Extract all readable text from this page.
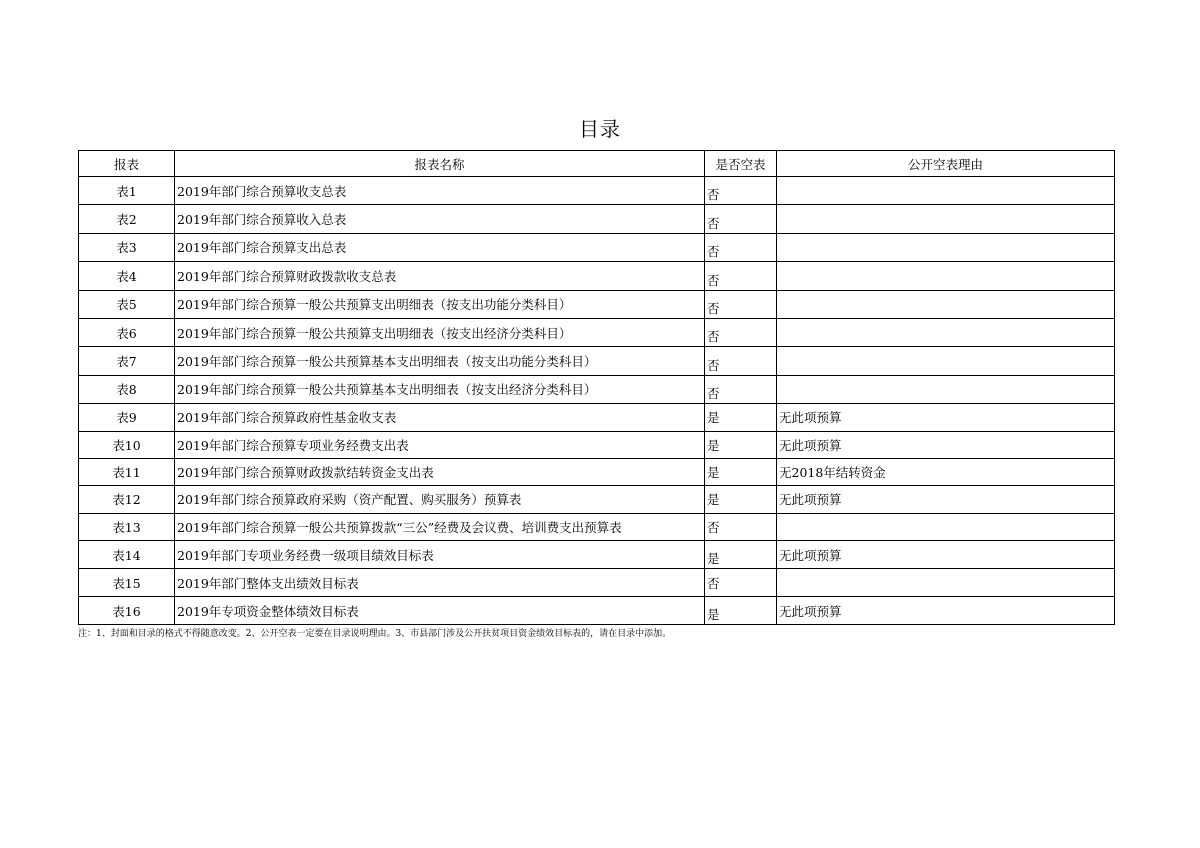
目录
报表	报表名称	是否空表	公开空表理由
表1	2019年部门综合预算收支总表	否	
表2	2019年部门综合预算收入总表	否	
表3	2019年部门综合预算支出总表	否	
表4	2019年部门综合预算财政拨款收支总表	否	
表5	2019年部门综合预算一般公共预算支出明细表（按支出功能分类科目）	否	
表6	2019年部门综合预算一般公共预算支出明细表（按支出经济分类科目）	否	
表7	2019年部门综合预算一般公共预算基本支出明细表（按支出功能分类科目）	否	
表8	2019年部门综合预算一般公共预算基本支出明细表（按支出经济分类科目）	否	
表9	2019年部门综合预算政府性基金收支表	是	无此项预算
表10	2019年部门综合预算专项业务经费支出表	是	无此项预算
表11	2019年部门综合预算财政拨款结转资金支出表	是	无2018年结转资金
表12	2019年部门综合预算政府采购（资产配置、购买服务）预算表	是	无此项预算
表13	2019年部门综合预算一般公共预算拨款“三公”经费及会议费、培训费支出预算表	否	
表14	2019年部门专项业务经费一级项目绩效目标表	是	无此项预算
表15	2019年部门整体支出绩效目标表	否	
表16	2019年专项资金整体绩效目标表	是	无此项预算
注：1、封面和目录的格式不得随意改变。2、公开空表一定要在目录说明理由。3、市县部门涉及公开扶贫项目资金绩效目标表的，请在目录中添加。
